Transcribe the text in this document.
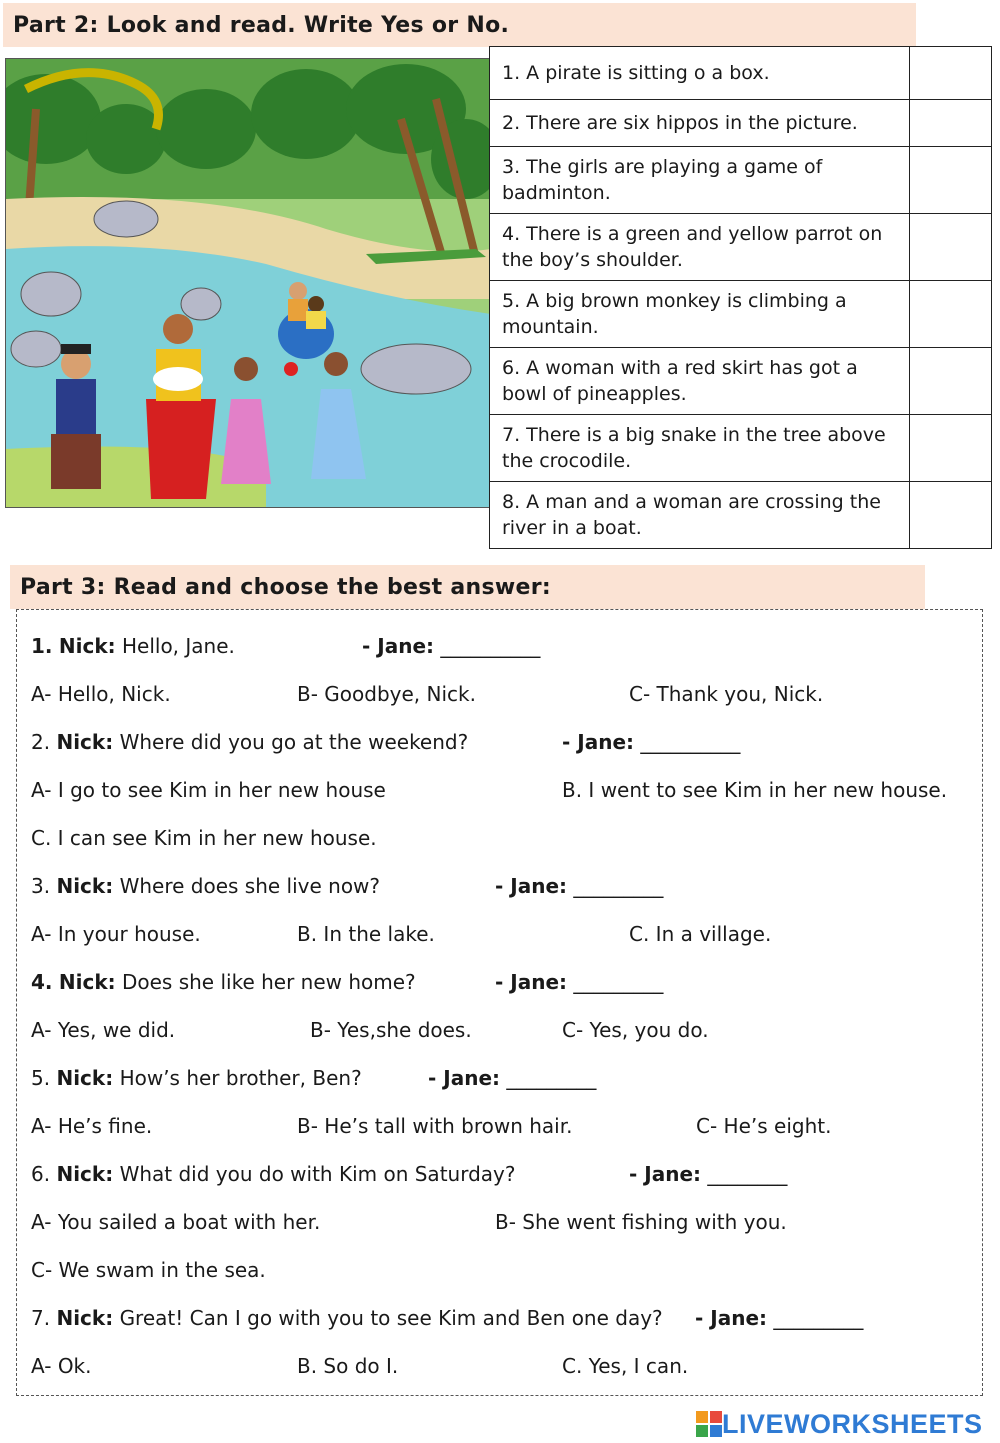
Part 2: Look and read. Write Yes or No.
1. A pirate is sitting o a box.	
2. There are six hippos in the picture.	
3. The girls are playing a game of badminton.	
4. There is a green and yellow parrot on the boy’s shoulder.	
5. A big brown monkey is climbing a mountain.	
6. A woman with a red skirt has got a bowl of pineapples.	
7. There is a big snake in the tree above the crocodile.	
8. A man and a woman are crossing the river in a boat.	
Part 3: Read and choose the best answer:
1. Nick: Hello, Jane.	- Jane: __________
A- Hello, Nick.	B- Goodbye, Nick.	C- Thank you, Nick.
2. Nick: Where did you go at the weekend?	- Jane: __________
A- I go to see Kim in her new house	B. I went to see Kim in her new house.
C. I can see Kim in her new house.
3. Nick: Where does she live now?	- Jane: _________
A- In your house.	B. In the lake.	C. In a village.
4. Nick: Does she like her new home?	- Jane: _________
A- Yes, we did.	B- Yes,she does.	C- Yes, you do.
5. Nick: How’s her brother, Ben?	- Jane: _________
A- He’s fine.	B- He’s tall with brown hair.	C- He’s eight.
6. Nick: What did you do with Kim on Saturday?	- Jane: ________
A- You sailed a boat with her.	B- She went fishing with you.
C- We swam in the sea.
7. Nick: Great! Can I go with you to see Kim and Ben one day? - Jane: _________
A- Ok.	B. So do I.	C. Yes, I can.
LIVEWORKSHEETS
